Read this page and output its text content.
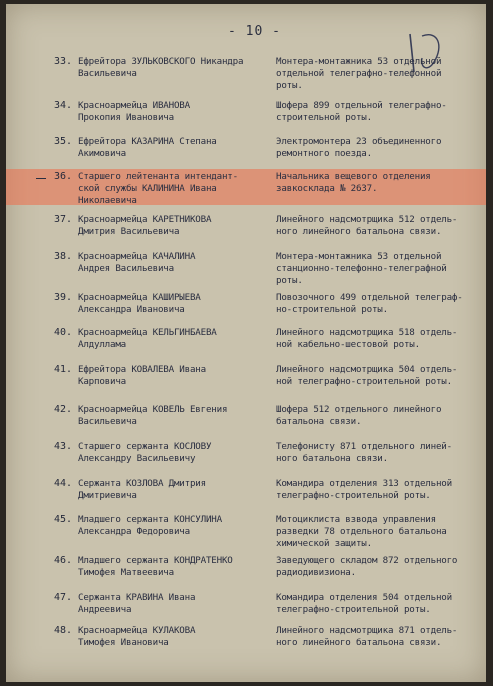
- 10 -
33. Ефрейтора ЗУЛЬКОВСКОГО Никандра
Васильевича
Монтера-монтажника 53 отдельной
отдельной телеграфно-телефонной
роты.
34. Красноармейца ИВАНОВА
Прокопия Ивановича
Шофера 899 отдельной телеграфно-
строительной роты.
35. Ефрейтора КАЗАРИНА Степана
Акимовича
Электромонтера 23 объединенного
ремонтного поезда.
36. Старшего лейтенанта интендант-
ской службы КАЛИНИНА Ивана
Николаевича
Начальника вещевого отделения
завкосклада № 2637.
37. Красноармейца КАРЕТНИКОВА
Дмитрия Васильевича
Линейного надсмотрщика 512 отдель-
ного линейного батальона связи.
38. Красноармейца КАЧАЛИНА
Андрея Васильевича
Монтера-монтажника 53 отдельной
станционно-телефонно-телеграфной
роты.
39. Красноармейца КАШИРЫЕВА
Александра Ивановича
Повозочного 499 отдельной телеграф-
но-строительной роты.
40. Красноармейца КЕЛЬГИНБАЕВА
Алдуллама
Линейного надсмотрщика 518 отдель-
ной кабельно-шестовой роты.
41. Ефрейтора КОВАЛЕВА Ивана
Карповича
Линейного надсмотрщика 504 отдель-
ной телеграфно-строительной роты.
42. Красноармейца КОВЕЛЬ Евгения
Васильевича
Шофера 512 отдельного линейного
батальона связи.
43. Старшего сержанта КОСЛОВУ
Александру Васильевичу
Телефонисту 871 отдельного линей-
ного батальона связи.
44. Сержанта КОЗЛОВА Дмитрия
Дмитриевича
Командира отделения 313 отдельной
телеграфно-строительной роты.
45. Младшего сержанта КОНСУЛИНА
Александра Федоровича
Мотоциклиста взвода управления
разведки 78 отдельного батальона
химической защиты.
46. Младшего сержанта КОНДРАТЕНКО
Тимофея Матвеевича
Заведующего складом 872 отдельного
радиодивизиона.
47. Сержанта КРАВИНА Ивана
Андреевича
Командира отделения 504 отдельной
телеграфно-строительной роты.
48. Красноармейца КУЛАКОВА
Тимофея Ивановича
Линейного надсмотрщика 871 отдель-
ного линейного батальона связи.
